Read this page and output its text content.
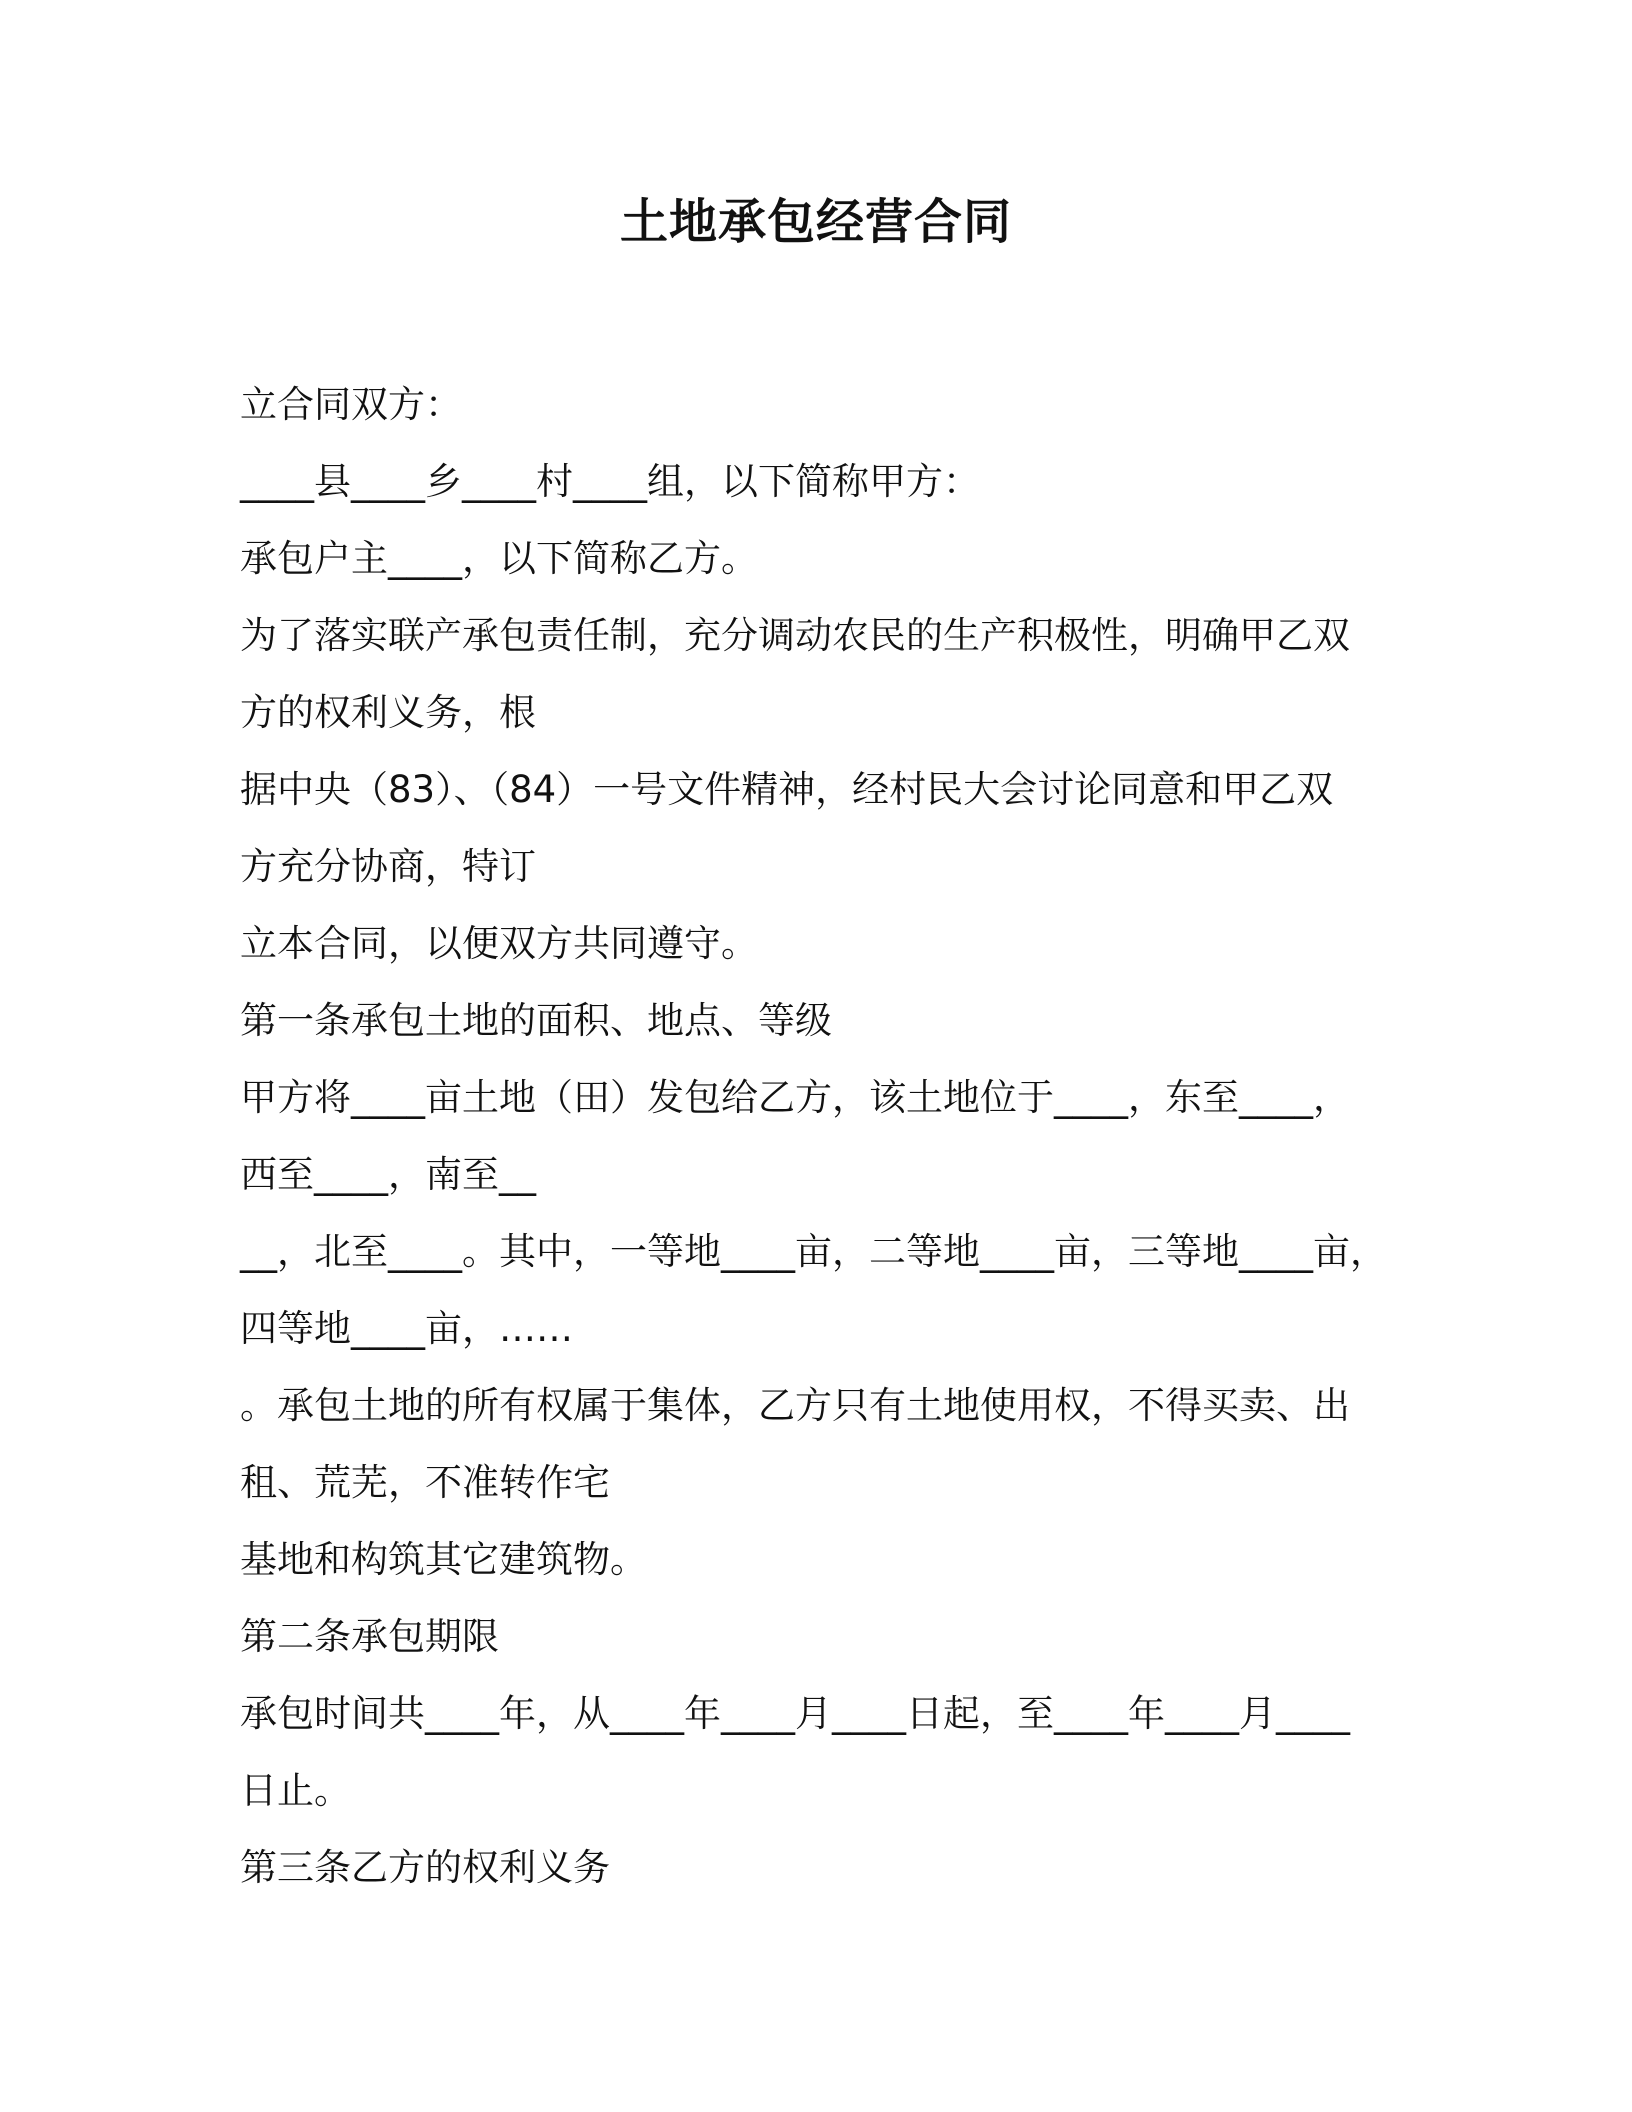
土地承包经营合同
立合同双方：
____县____乡____村____组，以下简称甲方：
承包户主____，以下简称乙方。
为了落实联产承包责任制，充分调动农民的生产积极性，明确甲乙双
方的权利义务，根
据中央（83）、（84）一号文件精神，经村民大会讨论同意和甲乙双
方充分协商，特订
立本合同，以便双方共同遵守。
第一条承包土地的面积、地点、等级
甲方将____亩土地（田）发包给乙方，该土地位于____，东至____，
西至____，南至__
__，北至____。其中，一等地____亩，二等地____亩，三等地____亩，
四等地____亩，……
。承包土地的所有权属于集体，乙方只有土地使用权，不得买卖、出
租、荒芜，不准转作宅
基地和构筑其它建筑物。
第二条承包期限
承包时间共____年，从____年____月____日起，至____年____月____
日止。
第三条乙方的权利义务
